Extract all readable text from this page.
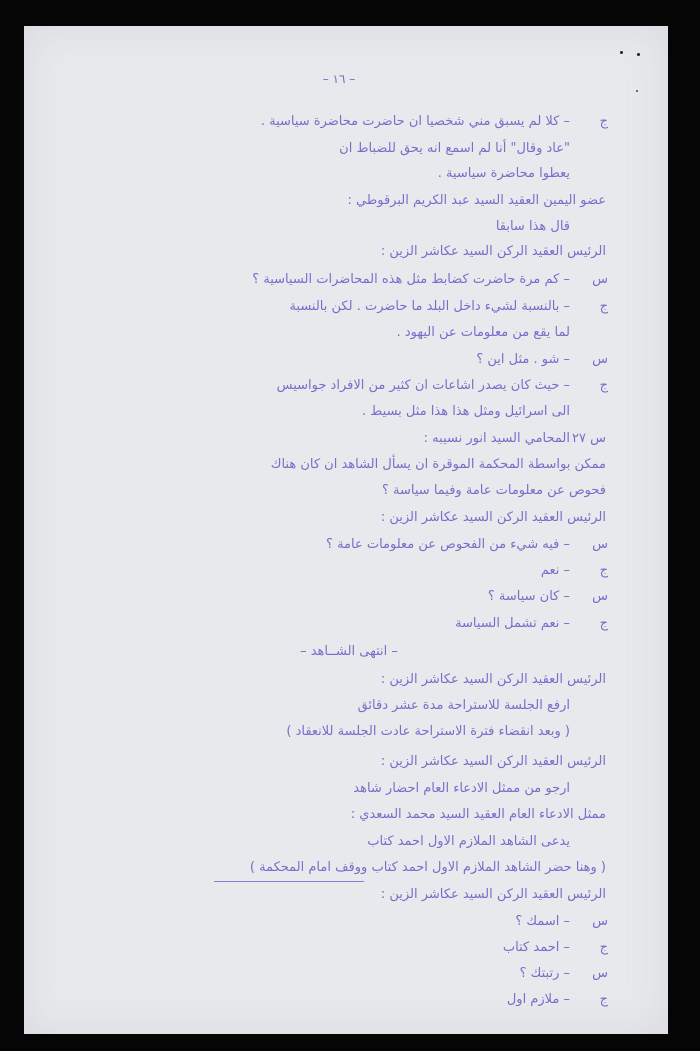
– ١٦ –
– كلا لم يسبق مني شخصيا ان حاضرت محاضرة سياسية . ج
"عاد وقال" أنا لم اسمع انه يحق للضباط ان
يعطوا محاضرة سياسية .
عضو اليمين العقيد السيد عبد الكريم البرقوطي :
قال هذا سابقا
الرئيس العقيد الركن السيد عكاشر الزين :
– كم مرة حاضرت كضابط مثل هذه المحاضرات السياسية ؟ س
– بالنسبة لشيء داخل البلد ما حاضرت . لكن بالنسبة ج
لما يقع من معلومات عن اليهود .
– شو . مثل اين ؟ س
– حيث كان يصدر اشاعات ان كثير من الافراد جواسيس ج
الى اسرائيل ومثل هذا هذا مثل بسيط .
المحامي السيد انور نسيبه : س ٢٧
ممكن بواسطة المحكمة الموقرة ان يسأل الشاهد ان كان هناك
فحوص عن معلومات عامة وفيما سياسة ؟
الرئيس العقيد الركن السيد عكاشر الزين :
– فيه شيء من الفحوص عن معلومات عامة ؟ س
– نعم ج
– كان سياسة ؟ س
– نعم تشمل السياسة ج
– انتهى الشــاهد –
الرئيس العقيد الركن السيد عكاشر الزين :
ارفع الجلسة للاستراحة مدة عشر دقائق
( وبعد انقضاء فترة الاستراحة عادت الجلسة للانعقاد )
الرئيس العقيد الركن السيد عكاشر الزين :
ارجو من ممثل الادعاء العام احضار شاهد
ممثل الادعاء العام العقيد السيد محمد السعدي :
يدعى الشاهد الملازم الاول احمد كتاب
( وهنا حضر الشاهد الملازم الاول احمد كتاب ووقف امام المحكمة )
الرئيس العقيد الركن السيد عكاشر الزين :
– اسمك ؟ س
– احمد كتاب ج
– رتبتك ؟ س
– ملازم اول ج
